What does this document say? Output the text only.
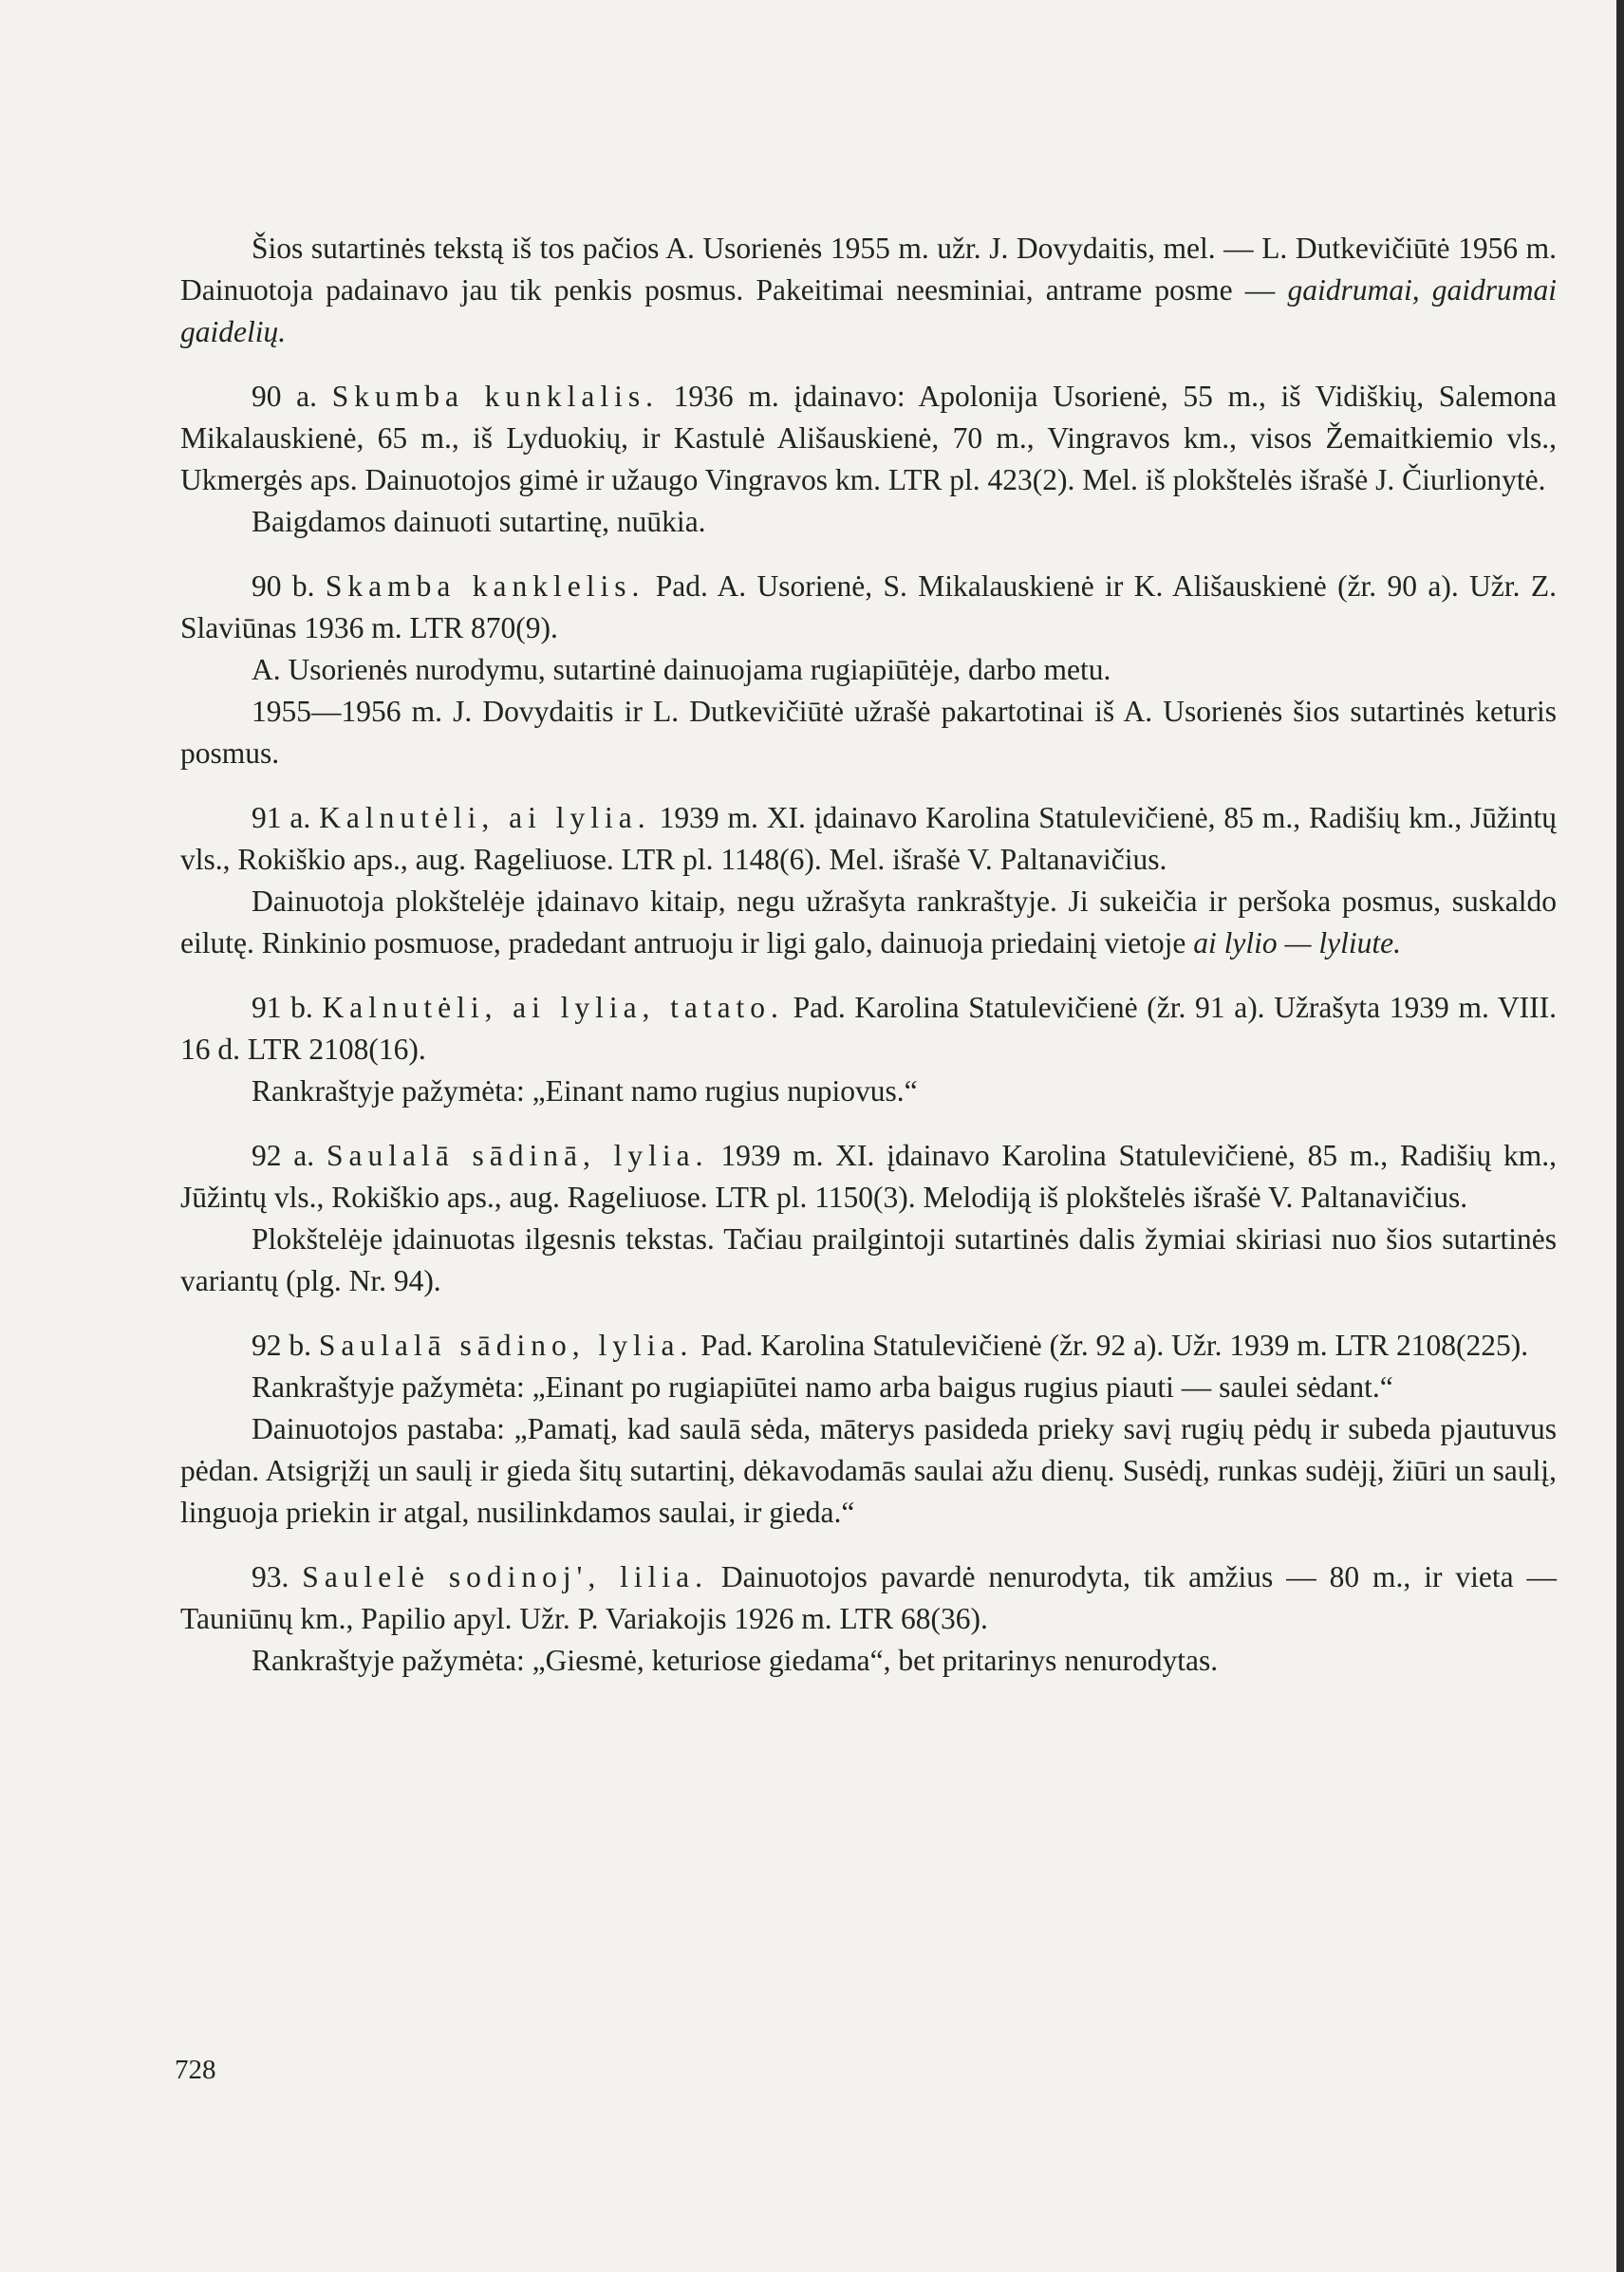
Šios sutartinės tekstą iš tos pačios A. Usorienės 1955 m. užr. J. Dovydaitis, mel. — L. Dutkevičiūtė 1956 m. Dainuotoja padainavo jau tik penkis posmus. Pakeitimai neesminiai, antrame posme — gaidrumai, gaidrumai gaidelių.

90 a. Skumba kunklalis. 1936 m. įdainavo: Apolonija Usorienė, 55 m., iš Vidiškių, Salemona Mikalauskienė, 65 m., iš Lyduokių, ir Kastulė Ališauskienė, 70 m., Vingravos km., visos Žemaitkiemio vls., Ukmergės aps. Dainuotojos gimė ir užaugo Vingravos km. LTR pl. 423(2). Mel. iš plokštelės išrašė J. Čiurlionytė.

Baigdamos dainuoti sutartinę, nuūkia.

90 b. Skamba kanklelis. Pad. A. Usorienė, S. Mikalauskienė ir K. Ališauskienė (žr. 90 a). Užr. Z. Slaviūnas 1936 m. LTR 870(9).

A. Usorienės nurodymu, sutartinė dainuojama rugiapiūtėje, darbo metu.

1955—1956 m. J. Dovydaitis ir L. Dutkevičiūtė užrašė pakartotinai iš A. Usorienės šios sutartinės keturis posmus.

91 a. Kalnutėli, ai lylia. 1939 m. XI. įdainavo Karolina Statulevičienė, 85 m., Radišių km., Jūžintų vls., Rokiškio aps., aug. Rageliuose. LTR pl. 1148(6). Mel. išrašė V. Paltanavičius.

Dainuotoja plokštelėje įdainavo kitaip, negu užrašyta rankraštyje. Ji sukeičia ir peršoka posmus, suskaldo eilutę. Rinkinio posmuose, pradedant antruoju ir ligi galo, dainuoja priedainį vietoje ai lylio — lyliute.

91 b. Kalnutėli, ai lylia, tatato. Pad. Karolina Statulevičienė (žr. 91 a). Užrašyta 1939 m. VIII. 16 d. LTR 2108(16).

Rankraštyje pažymėta: „Einant namo rugius nupiovus.“

92 a. Saulalā sādinā, lylia. 1939 m. XI. įdainavo Karolina Statulevičienė, 85 m., Radišių km., Jūžintų vls., Rokiškio aps., aug. Rageliuose. LTR pl. 1150(3). Melodiją iš plokštelės išrašė V. Paltanavičius.

Plokštelėje įdainuotas ilgesnis tekstas. Tačiau prailgintoji sutartinės dalis žymiai skiriasi nuo šios sutartinės variantų (plg. Nr. 94).

92 b. Saulalā sādino, lylia. Pad. Karolina Statulevičienė (žr. 92 a). Užr. 1939 m. LTR 2108(225).

Rankraštyje pažymėta: „Einant po rugiapiūtei namo arba baigus rugius piauti — saulei sėdant.“

Dainuotojos pastaba: „Pamatį, kad saulā sėda, māterys pasideda prieky savį rugių pėdų ir subeda pjautuvus pėdan. Atsigrįžį un saulį ir gieda šitų sutartinį, dėkavodamās saulai ažu dienų. Susėdį, runkas sudėjį, žiūri un saulį, linguoja priekin ir atgal, nusilinkdamos saulai, ir gieda.“

93. Saulelė sodinoj', lilia. Dainuotojos pavardė nenurodyta, tik amžius — 80 m., ir vieta — Tauniūnų km., Papilio apyl. Užr. P. Variakojis 1926 m. LTR 68(36).

Rankraštyje pažymėta: „Giesmė, keturiose giedama“, bet pritarinys nenurodytas.

728
